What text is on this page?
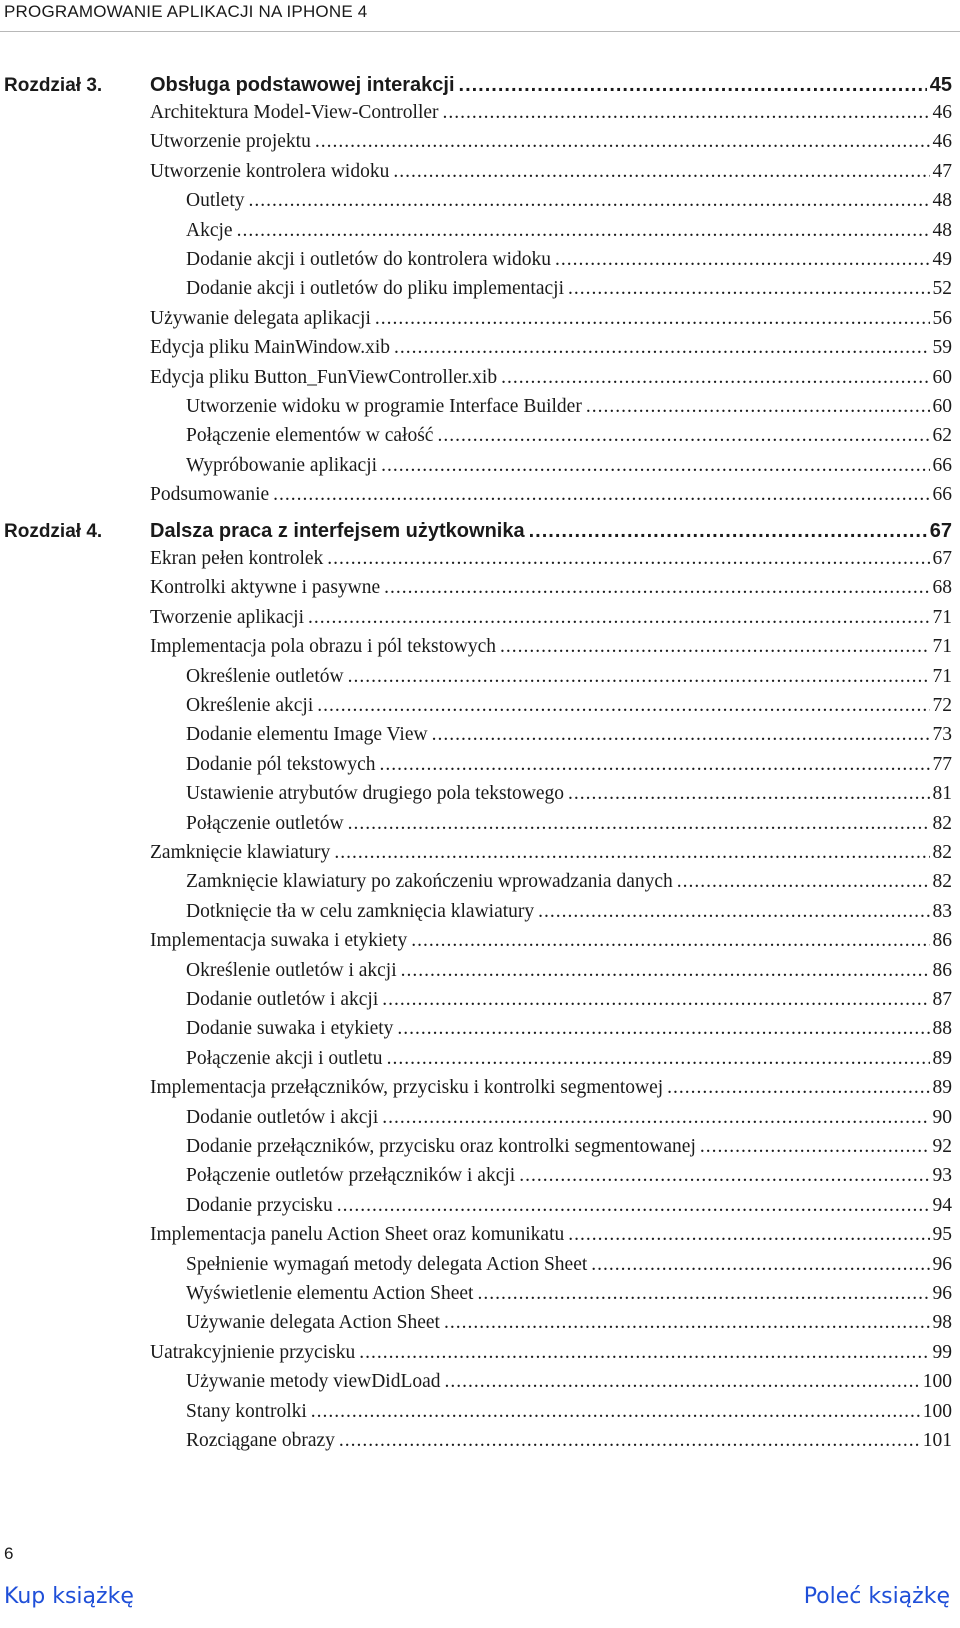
PROGRAMOWANIE APLIKACJI NA IPHONE 4
Rozdział 3. Obsługa podstawowej interakcji .....	45
Architektura Model-View-Controller .....	46
Utworzenie projektu .....	46
Utworzenie kontrolera widoku .....	47
Outlety .....	48
Akcje .....	48
Dodanie akcji i outletów do kontrolera widoku .....	49
Dodanie akcji i outletów do pliku implementacji .....	52
Używanie delegata aplikacji .....	56
Edycja pliku MainWindow.xib .....	59
Edycja pliku Button_FunViewController.xib .....	60
Utworzenie widoku w programie Interface Builder .....	60
Połączenie elementów w całość .....	62
Wypróbowanie aplikacji .....	66
Podsumowanie .....	66
Rozdział 4. Dalsza praca z interfejsem użytkownika .....	67
Ekran pełen kontrolek .....	67
Kontrolki aktywne i pasywne .....	68
Tworzenie aplikacji .....	71
Implementacja pola obrazu i pól tekstowych .....	71
Określenie outletów .....	71
Określenie akcji .....	72
Dodanie elementu Image View .....	73
Dodanie pól tekstowych .....	77
Ustawienie atrybutów drugiego pola tekstowego .....	81
Połączenie outletów .....	82
Zamknięcie klawiatury .....	82
Zamknięcie klawiatury po zakończeniu wprowadzania danych .....	82
Dotknięcie tła w celu zamknięcia klawiatury .....	83
Implementacja suwaka i etykiety .....	86
Określenie outletów i akcji .....	86
Dodanie outletów i akcji .....	87
Dodanie suwaka i etykiety .....	88
Połączenie akcji i outletu .....	89
Implementacja przełączników, przycisku i kontrolki segmentowej .....	89
Dodanie outletów i akcji .....	90
Dodanie przełączników, przycisku oraz kontrolki segmentowanej .....	92
Połączenie outletów przełączników i akcji .....	93
Dodanie przycisku .....	94
Implementacja panelu Action Sheet oraz komunikatu .....	95
Spełnienie wymagań metody delegata Action Sheet .....	96
Wyświetlenie elementu Action Sheet .....	96
Używanie delegata Action Sheet .....	98
Uatrakcyjnienie przycisku .....	99
Używanie metody viewDidLoad .....	100
Stany kontrolki .....	100
Rozciągane obrazy .....	101
6
Kup książkę	Poleć książkę
